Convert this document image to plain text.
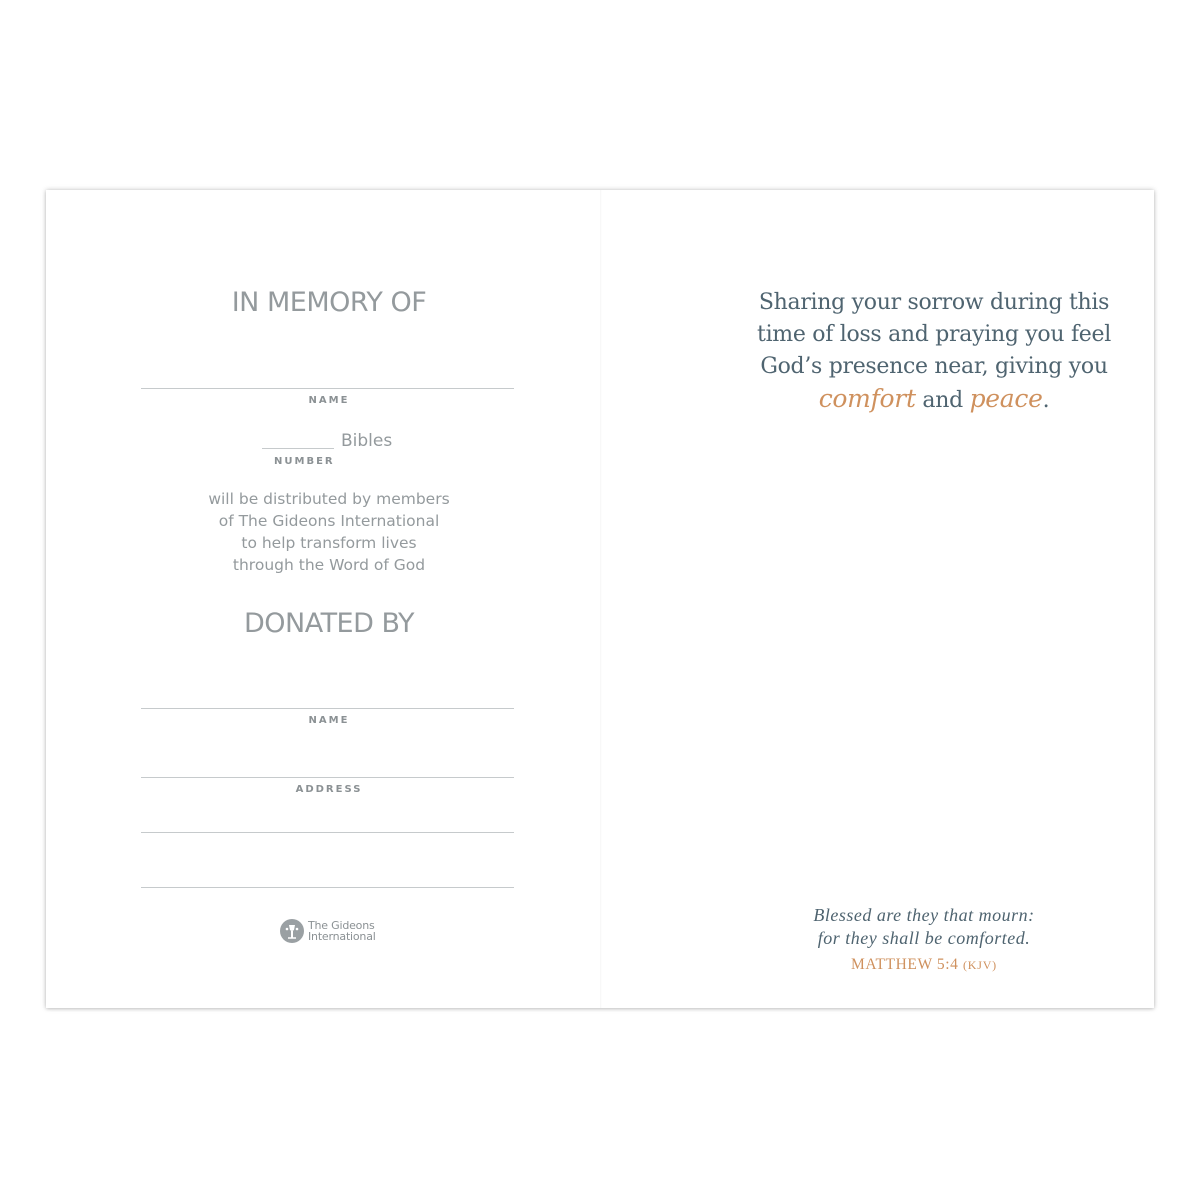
IN MEMORY OF
NAME
Bibles
NUMBER
will be distributed by members
of The Gideons International
to help transform lives
through the Word of God
DONATED BY
NAME
ADDRESS
The Gideons
International
Sharing your sorrow during this
time of loss and praying you feel
God’s presence near, giving you
comfort and peace.
Blessed are they that mourn:
for they shall be comforted.
MATTHEW 5:4 (KJV)
